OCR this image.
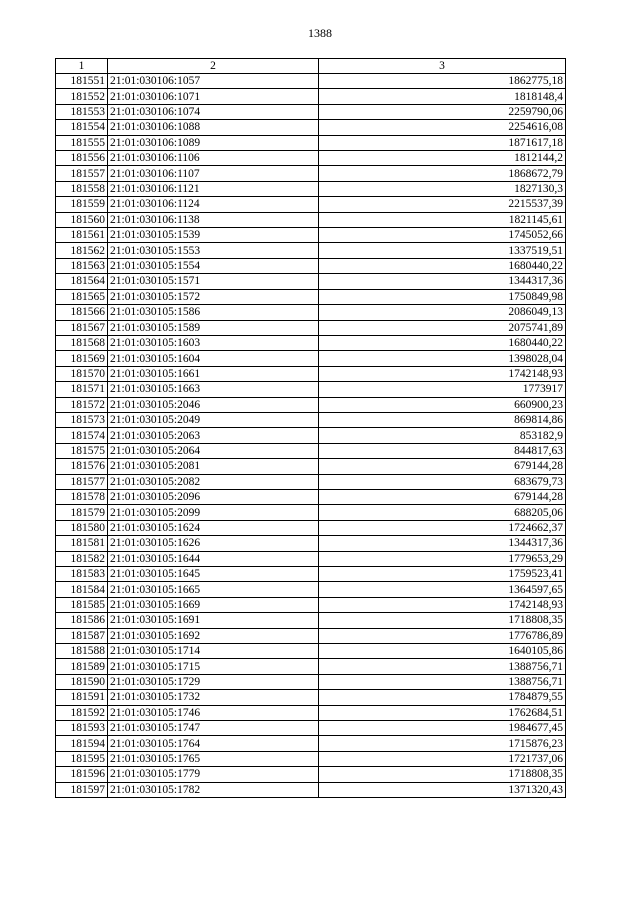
1388
1	2	3
181551	21:01:030106:1057	1862775,18
181552	21:01:030106:1071	1818148,4
181553	21:01:030106:1074	2259790,06
181554	21:01:030106:1088	2254616,08
181555	21:01:030106:1089	1871617,18
181556	21:01:030106:1106	1812144,2
181557	21:01:030106:1107	1868672,79
181558	21:01:030106:1121	1827130,3
181559	21:01:030106:1124	2215537,39
181560	21:01:030106:1138	1821145,61
181561	21:01:030105:1539	1745052,66
181562	21:01:030105:1553	1337519,51
181563	21:01:030105:1554	1680440,22
181564	21:01:030105:1571	1344317,36
181565	21:01:030105:1572	1750849,98
181566	21:01:030105:1586	2086049,13
181567	21:01:030105:1589	2075741,89
181568	21:01:030105:1603	1680440,22
181569	21:01:030105:1604	1398028,04
181570	21:01:030105:1661	1742148,93
181571	21:01:030105:1663	1773917
181572	21:01:030105:2046	660900,23
181573	21:01:030105:2049	869814,86
181574	21:01:030105:2063	853182,9
181575	21:01:030105:2064	844817,63
181576	21:01:030105:2081	679144,28
181577	21:01:030105:2082	683679,73
181578	21:01:030105:2096	679144,28
181579	21:01:030105:2099	688205,06
181580	21:01:030105:1624	1724662,37
181581	21:01:030105:1626	1344317,36
181582	21:01:030105:1644	1779653,29
181583	21:01:030105:1645	1759523,41
181584	21:01:030105:1665	1364597,65
181585	21:01:030105:1669	1742148,93
181586	21:01:030105:1691	1718808,35
181587	21:01:030105:1692	1776786,89
181588	21:01:030105:1714	1640105,86
181589	21:01:030105:1715	1388756,71
181590	21:01:030105:1729	1388756,71
181591	21:01:030105:1732	1784879,55
181592	21:01:030105:1746	1762684,51
181593	21:01:030105:1747	1984677,45
181594	21:01:030105:1764	1715876,23
181595	21:01:030105:1765	1721737,06
181596	21:01:030105:1779	1718808,35
181597	21:01:030105:1782	1371320,43
